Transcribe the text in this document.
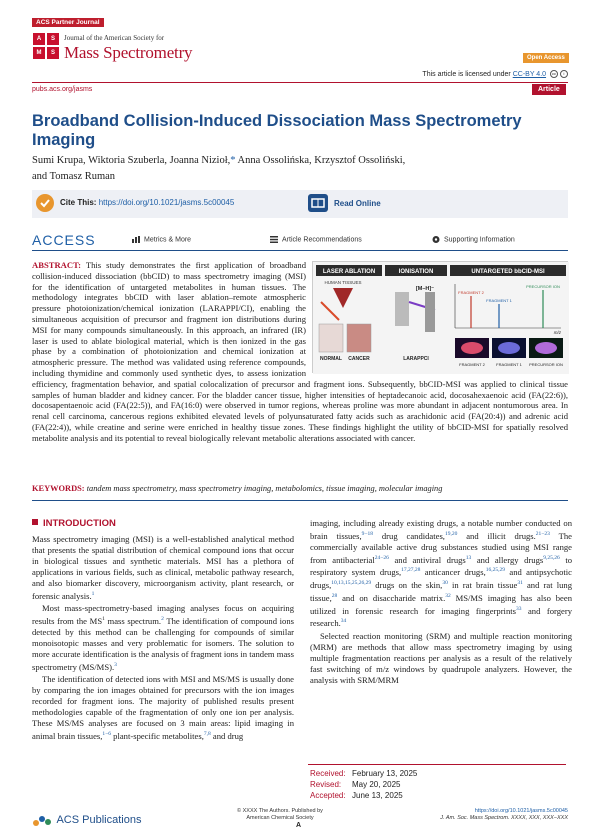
ACS Partner Journal
A	S
M	S
Journal of the American Society for
Mass Spectrometry	Open Access
This article is licensed under CC-BY 4.0 cc i
pubs.acs.org/jasms	Article
Broadband Collision-Induced Dissociation Mass Spectrometry Imaging
Sumi Krupa, Wiktoria Szuberla, Joanna Nizioł,* Anna Ossolińska, Krzysztof Ossoliński,
and Tomasz Ruman
Cite This: https://doi.org/10.1021/jasms.5c00045	Read Online
ACCESS	Metrics & More	Article Recommendations	Supporting Information
LASER ABLATION	IONISATION	UNTARGETED bbCID-MSI
HUMAN TISSUES
NORMAL CANCER
[M–H]⁻
LARAPPCI
FRAGMENT 2
FRAGMENT 1
PRECURSOR ION
m/z
FRAGMENT 2	FRAGMENT 1 PRECURSOR ION
ABSTRACT: This study demonstrates the first application of broadband collision-induced dissociation (bbCID) to mass spectrometry imaging (MSI) for the identification of untargeted metabolites in human tissues. The methodology integrates bbCID with laser ablation–remote atmospheric pressure photoionization/chemical ionization (LARAPPI/CI), enabling the simultaneous acquisition of precursor and fragment ion distributions during MSI for many compounds simultaneously. In this approach, an infrared (IR) laser is used to ablate biological material, which is then ionized in the gas phase by a combination of photoionization and chemical ionization at atmospheric pressure. The method was validated using reference compounds, including thymidine and commonly used synthetic dyes, to assess ionization efficiency, fragmentation behavior, and spatial colocalization of precursor and fragment ions. Subsequently, bbCID-MSI was applied to clinical tissue samples of human bladder and kidney cancer. For the bladder cancer tissue, higher intensities of heptadecanoic acid, docosahexaenoic acid (FA(22:6)), docosapentaenoic acid (FA(22:5)), and FA(16:0) were observed in tumor regions, whereas proline was more abundant in adjacent nontumorous area. In renal cell carcinoma, cancerous regions exhibited elevated levels of polyunsaturated fatty acids such as arachidonic acid (FA(20:4)) and adrenic acid (FA(22:4)), while creatine and serine were enriched in healthy tissue zones. These findings highlight the utility of bbCID-MSI for spatially resolved metabolite analysis and its potential to reveal biologically relevant metabolic alterations associated with cancer.
KEYWORDS: tandem mass spectrometry, mass spectrometry imaging, metabolomics, tissue imaging, molecular imaging
INTRODUCTION

Mass spectrometry imaging (MSI) is a well-established analytical method that presents the spatial distribution of chemical compound ions that occur in biological tissues and synthetic materials. MSI has a plethora of applications in various fields, such as clinical, metabolic pathway research, and also biomarker discovery, microorganism activity, plant research, or forensic analysis.$^1$

Most mass-spectrometry-based imaging analyses focus on acquiring results from the $MS^1$ mass spectrum.$^2$ The identification of compound ions detected by this method can be challenging for compounds of similar monoisotopic masses and very problematic for isomers. The solution to more accurate identification is the analysis of fragment ions in tandem mass spectrometry (MS/MS).$^3$

The identification of detected ions with MSI and MS/MS is usually done by comparing the ion images obtained for precursors with the ion images recorded for fragment ions. The majority of published results present methodologies capable of the fragmentation of only one ion per analysis. These MS/MS analyses are focused on 3 main areas: lipid imaging in animal brain tissues,$^{1-6}$ plant-specific metabolites,$^{7,8}$ and drug

imaging, including already existing drugs, a notable number conducted on brain tissues,$^{9-18}$ drug candidates,$^{19,20}$ and illicit drugs.$^{21-23}$ The commercially available active drug substances studied using MSI range from antibacterial$^{24-26}$ and antiviral drugs$^{13}$ and allergy drugs$^{9,25,26}$ to respiratory system drugs,$^{17,27,28}$ anticancer drugs,$^{16,25,29}$ and antipsychotic drugs,$^{10,13,15,25,26,29}$ drugs on the skin,$^{30}$ in rat brain tissue$^{31}$ and rat lung tissue,$^{28}$ and on disaccharide matrix.$^{32}$ MS/MS imaging has also been utilized in forensic research for imaging fingerprints$^{33}$ and forgery research.$^{34}$

Selected reaction monitoring (SRM) and multiple reaction monitoring (MRM) are methods that allow mass spectrometry imaging by using multiple fragmentation reactions per analysis as a result of the relatively fast switching of m/z windows by quadrupole analyzers. However, the analysis with SRM/MRM

Received: February 13, 2025
Revised: May 20, 2025
Accepted: June 13, 2025
ACS Publications
© XXXX The Authors. Published by
American Chemical Society
A
https://doi.org/10.1021/jasms.5c00045
J. Am. Soc. Mass Spectrom. XXXX, XXX, XXX−XXX
